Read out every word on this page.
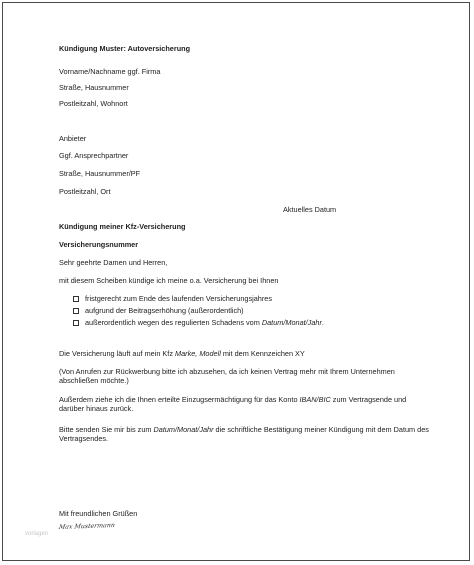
Kündigung Muster: Autoversicherung
Vorname/Nachname ggf. Firma
Straße, Hausnummer
Postleitzahl, Wohnort
Anbieter
Ggf. Ansprechpartner
Straße, Hausnummer/PF
Postleitzahl, Ort
Aktuelles Datum
Kündigung meiner Kfz-Versicherung
Versicherungsnummer
Sehr geehrte Damen und Herren,
mit diesem Scheiben kündige ich meine o.a. Versicherung bei Ihnen
fristgerecht zum Ende des laufenden Versicherungsjahres
aufgrund der Beitragserhöhung (außerordentlich)
außerordentlich wegen des regulierten Schadens vom Datum/Monat/Jahr.
Die Versicherung läuft auf mein Kfz Marke, Modell mit dem Kennzeichen XY
(Von Anrufen zur Rückwerbung bitte ich abzusehen, da ich keinen Vertrag mehr mit Ihrem Unternehmen abschließen möchte.)
Außerdem ziehe ich die Ihnen erteilte Einzugsermächtigung für das Konto IBAN/BIC zum Vertragsende und darüber hinaus zurück.
Bitte senden Sie mir bis zum Datum/Monat/Jahr die schriftliche Bestätigung meiner Kündigung mit dem Datum des Vertragsendes.
Mit freundlichen Grüßen
Max Mustermann
vorlagen
